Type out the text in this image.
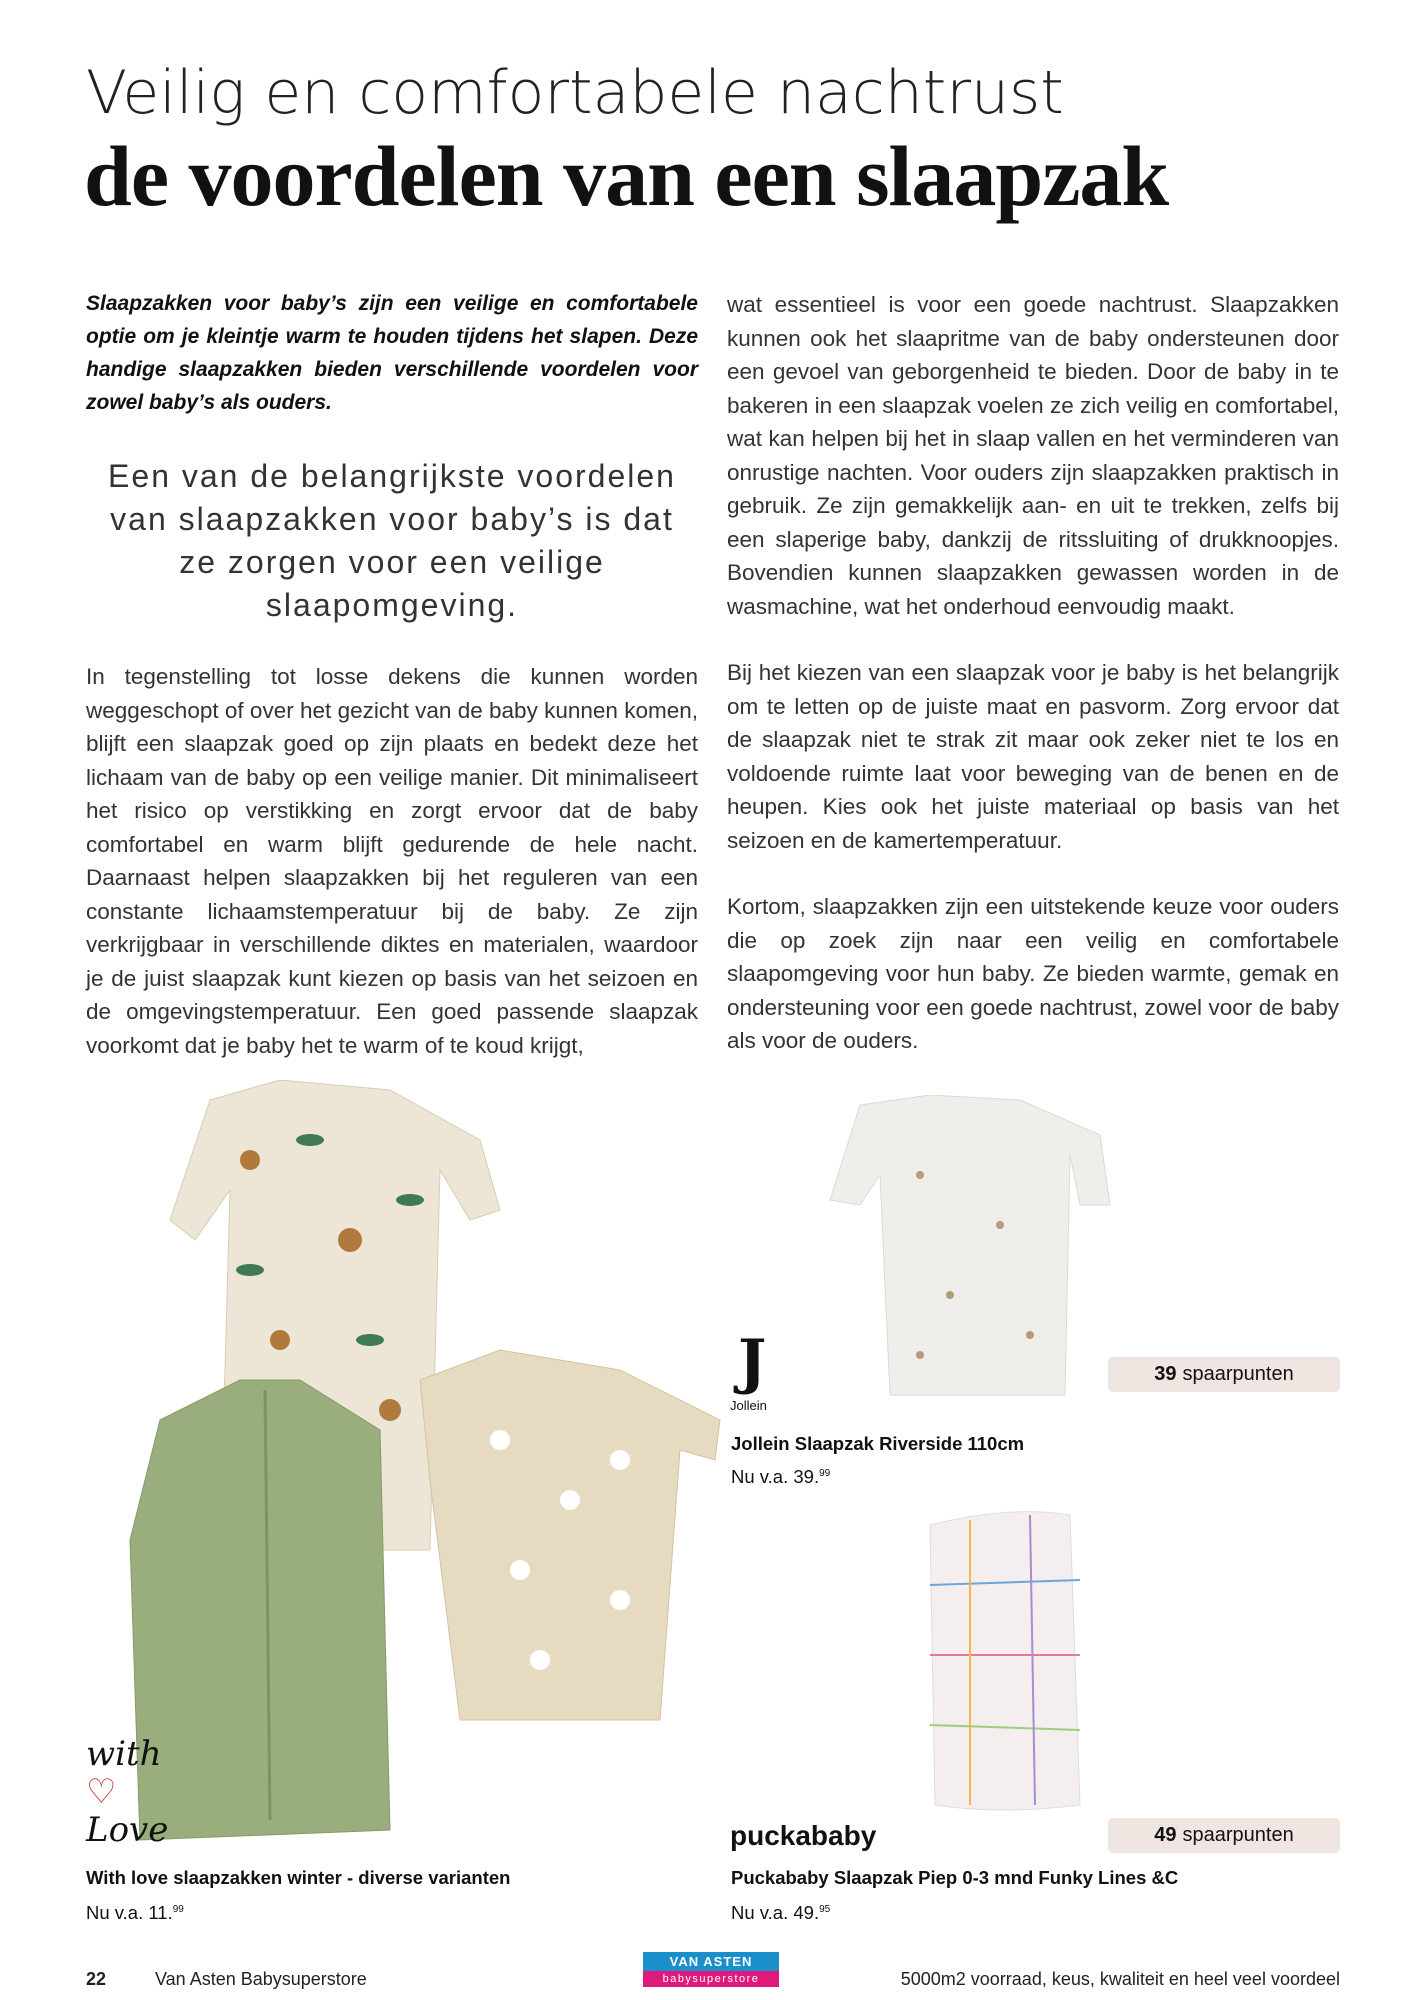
Veilig en comfortabele nachtrust
de voordelen van een slaapzak
Slaapzakken voor baby’s zijn een veilige en comfortabele optie om je kleintje warm te houden tijdens het slapen. Deze handige slaapzakken bieden verschillende voordelen voor zowel baby’s als ouders.
Een van de belangrijkste voordelen van slaapzakken voor baby’s is dat ze zorgen voor een veilige slaapomgeving.
In tegenstelling tot losse dekens die kunnen worden weggeschopt of over het gezicht van de baby kunnen komen, blijft een slaapzak goed op zijn plaats en bedekt deze het lichaam van de baby op een veilige manier. Dit minimaliseert het risico op verstikking en zorgt ervoor dat de baby comfortabel en warm blijft gedurende de hele nacht. Daarnaast helpen slaapzakken bij het reguleren van een constante lichaamstemperatuur bij de baby. Ze zijn verkrijgbaar in verschillende diktes en materialen, waardoor je de juist slaapzak kunt kiezen op basis van het seizoen en de omgevingstemperatuur. Een goed passende slaapzak voorkomt dat je baby het te warm of te koud krijgt,
wat essentieel is voor een goede nachtrust. Slaapzakken kunnen ook het slaapritme van de baby ondersteunen door een gevoel van geborgenheid te bieden. Door de baby in te bakeren in een slaapzak voelen ze zich veilig en comfortabel, wat kan helpen bij het in slaap vallen en het verminderen van onrustige nachten. Voor ouders zijn slaapzakken praktisch in gebruik. Ze zijn gemakkelijk aan- en uit te trekken, zelfs bij een slaperige baby, dankzij de ritssluiting of drukknoopjes. Bovendien kunnen slaapzakken gewassen worden in de wasmachine, wat het onderhoud eenvoudig maakt.
Bij het kiezen van een slaapzak voor je baby is het belangrijk om te letten op de juiste maat en pasvorm. Zorg ervoor dat de slaapzak niet te strak zit maar ook zeker niet te los en voldoende ruimte laat voor beweging van de benen en de heupen. Kies ook het juiste materiaal op basis van het seizoen en de kamertemperatuur.
Kortom, slaapzakken zijn een uitstekende keuze voor ouders die op zoek zijn naar een veilig en comfortabele slaapomgeving voor hun baby. Ze bieden warmte, gemak en ondersteuning voor een goede nachtrust, zowel voor de baby als voor de ouders.
with
♡
Love
J
Jollein
puckababy
39 spaarpunten
49 spaarpunten
Jollein Slaapzak Riverside 110cm
Nu v.a. 39.99
With love slaapzakken winter - diverse varianten
Nu v.a. 11.99
Puckababy Slaapzak Piep 0-3 mnd Funky Lines &C
Nu v.a. 49.95
22	Van Asten Babysuperstore
VAN ASTEN
babysuperstore	5000m2 voorraad, keus, kwaliteit en heel veel voordeel
